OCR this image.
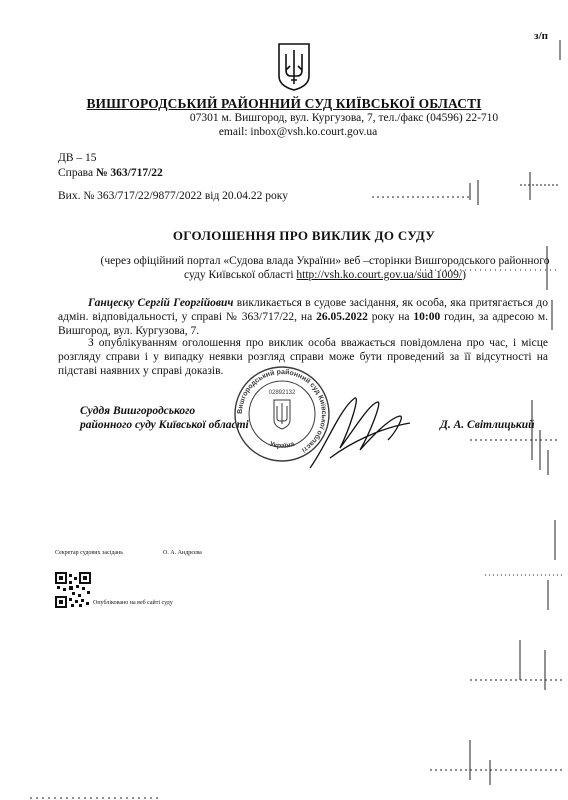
з/п
ВИШГОРОДСЬКИЙ РАЙОННИЙ СУД КИЇВСЬКОЇ ОБЛАСТІ
07301 м. Вишгород, вул. Кургузова, 7, тел./факс (04596) 22-710
email: inbox@vsh.ko.court.gov.ua
ДВ – 15
Справа № 363/717/22
Вих. № 363/717/22/9877/2022 від 20.04.22 року
ОГОЛОШЕННЯ ПРО ВИКЛИК ДО СУДУ
(через офіційний портал «Судова влада України» веб –сторінки Вишгородського районного суду Київської області http://vsh.ko.court.gov.ua/sud 1009/)
Ганцеску Сергій Георгійович викликається в судове засідання, як особа, яка притягається до адмін. відповідальності, у справі № 363/717/22, на 26.05.2022 року на 10:00 годин, за адресою м. Вишгород, вул. Кургузова, 7.
З опублікуванням оголошення про виклик особа вважається повідомлена про час, і місце розгляду справи і у випадку неявки розгляд справи може бути проведений за її відсутності на підставі наявних у справі доказів.
Суддя Вишгородського
районного суду Київської області
Вишгородський районний суд Київської області
Україна
02892132
Д. А. Світлицький
Секретар судових засідань	О. А. Андрєєва
Опубліковано на веб сайті суду
